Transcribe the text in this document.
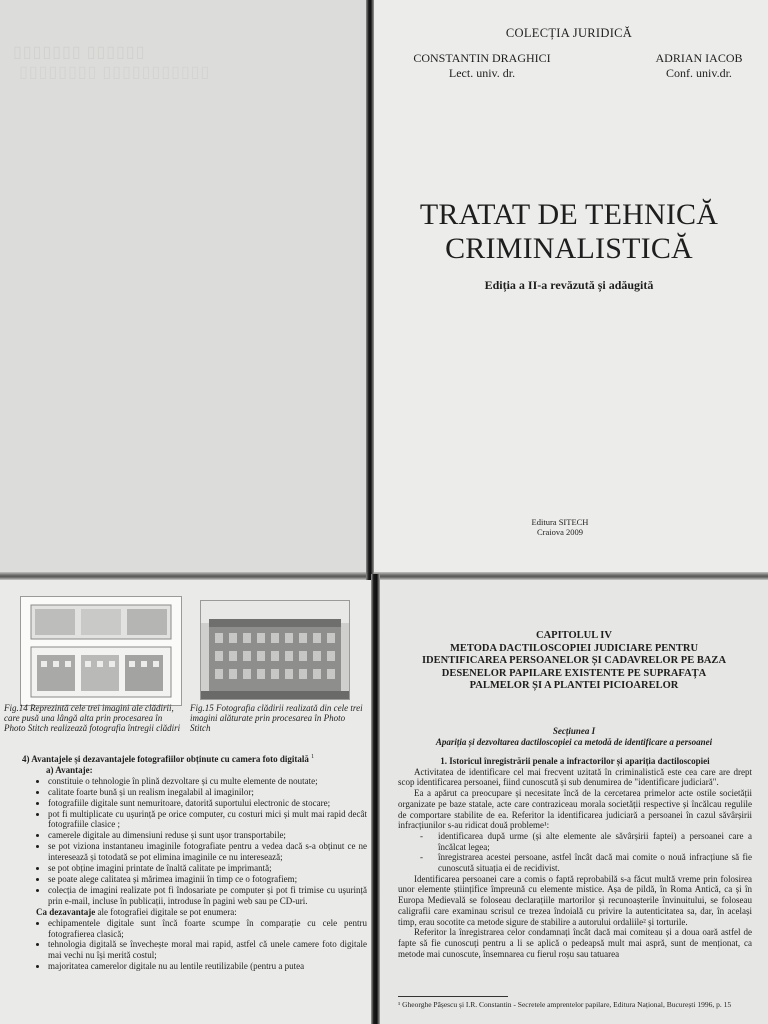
▯▯▯▯▯▯ ▯▯▯▯▯▯▯
▯▯▯▯▯▯▯▯▯▯▯ ▯▯▯▯▯▯▯▯
COLECȚIA JURIDICĂ
CONSTANTIN DRAGHICI
Lect. univ. dr.
ADRIAN IACOB
Conf. univ.dr.
TRATAT DE TEHNICĂ
CRIMINALISTICĂ
Ediția a II-a revăzută și adăugită
Editura SITECH
Craiova 2009
Fig.14 Reprezintă cele trei imagini ale clădirii, care pusă una lângă alta prin procesarea în Photo Stitch realizează fotografia întregii clădiri
Fig.15 Fotografia clădirii realizată din cele trei imagini alăturate prin procesarea în Photo Stitch

4) Avantajele și dezavantajele fotografiilor obținute cu camera foto digitală $^1$

a) Avantaje:

• constituie o tehnologie în plină dezvoltare și cu multe elemente de noutate;
• calitate foarte bună și un realism inegalabil al imaginilor;
• fotografiile digitale sunt nemuritoare, datorită suportului electronic de stocare;
• pot fi multiplicate cu ușurință pe orice computer, cu costuri mici și mult mai rapid decât fotografiile clasice ;
• camerele digitale au dimensiuni reduse și sunt ușor transportabile;
• se pot viziona instantaneu imaginile fotografiate pentru a vedea dacă s-a obținut ce ne interesează și totodată se pot elimina imaginile ce nu interesează;
• se pot obține imagini printate de înaltă calitate pe imprimantă;
• se poate alege calitatea și mărimea imaginii în timp ce o fotografiem;
• colecția de imagini realizate pot fi îndosariate pe computer și pot fi trimise cu ușurință prin e-mail, incluse în publicații, introduse în pagini web sau pe CD-uri.

Ca dezavantaje ale fotografiei digitale se pot enumera:

• echipamentele digitale sunt încă foarte scumpe în comparație cu cele pentru fotografierea clasică;
• tehnologia digitală se învechește moral mai rapid, astfel că unele camere foto digitale mai vechi nu își merită costul;
• majoritatea camerelor digitale nu au lentile reutilizabile (pentru a putea
CAPITOLUL IV
METODA DACTILOSCOPIEI JUDICIARE PENTRU
IDENTIFICAREA PERSOANELOR ȘI CADAVRELOR PE BAZA
DESENELOR PAPILARE EXISTENTE PE SUPRAFAȚA
PALMELOR ȘI A PLANTEI PICIOARELOR
Secțiunea I
Apariția și dezvoltarea dactiloscopiei ca metodă de identificare a persoanei

1. Istoricul înregistrării penale a infractorilor și apariția dactiloscopiei

Activitatea de identificare cel mai frecvent uzitată în criminalistică este cea care are drept scop identificarea persoanei, fiind cunoscută și sub denumirea de "identificare judiciară".

Ea a apărut ca preocupare și necesitate încă de la cercetarea primelor acte ostile societății organizate pe baze statale, acte care contraziceau morala societății respective și încălcau regulile de comportare stabilite de ea. Referitor la identificarea judiciară a persoanei în cazul săvârșirii infracțiunilor s-au ridicat două probleme¹:

- identificarea după urme (și alte elemente ale săvârșirii faptei) a persoanei care a încălcat legea;
- înregistrarea acestei persoane, astfel încât dacă mai comite o nouă infracțiune să fie cunoscută situația ei de recidivist.

Identificarea persoanei care a comis o faptă reprobabilă s-a făcut multă vreme prin folosirea unor elemente științifice împreună cu elemente mistice. Așa de pildă, în Roma Antică, ca și în Europa Medievală se foloseau declarațiile martorilor și recunoașterile învinuitului, se foloseau caligrafii care examinau scrisul ce trezea îndoială cu privire la autenticitatea sa, dar, în același timp, erau socotite ca metode sigure de stabilire a autorului ordaliile² și torturile.

Referitor la înregistrarea celor condamnați încât dacă mai comiteau și a doua oară astfel de fapte să fie cunoscuți pentru a li se aplică o pedeapsă mult mai aspră, sunt de menționat, ca metode mai cunoscute, însemnarea cu fierul roșu sau tatuarea

¹ Gheorghe Pășescu și I.R. Constantin - Secretele amprentelor papilare, Editura Național, București 1996, p. 15
